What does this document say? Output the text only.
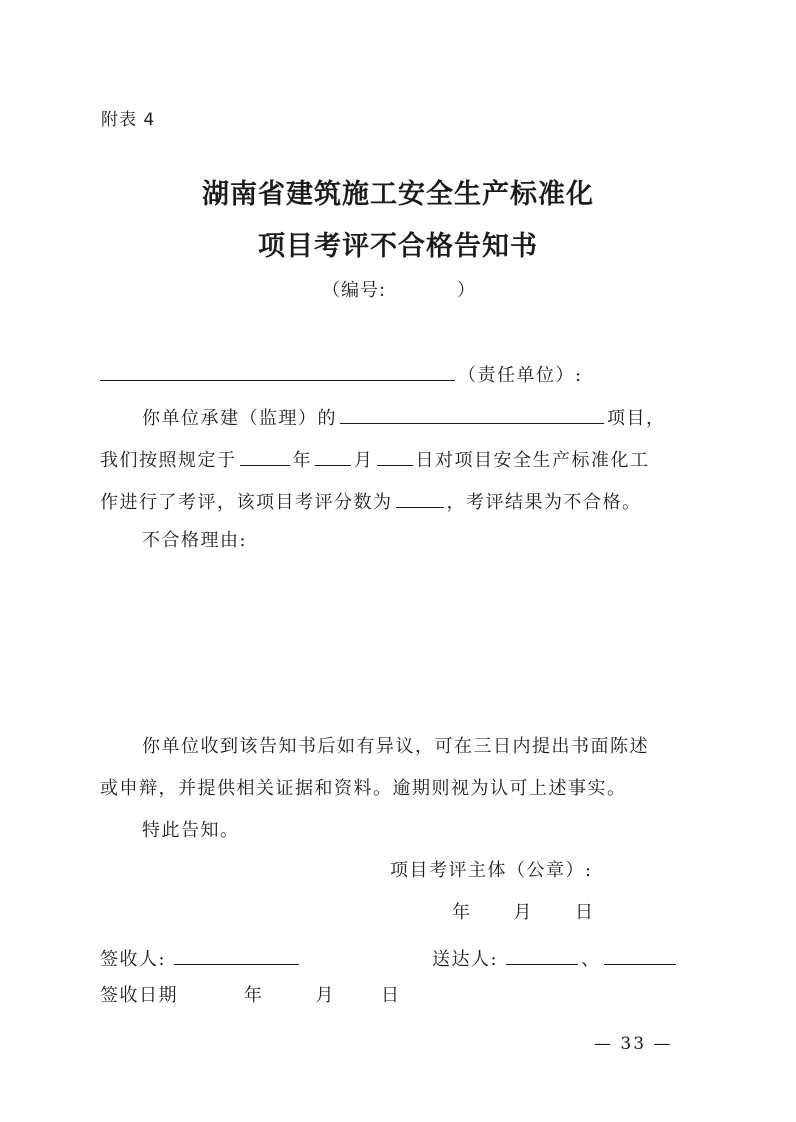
附表 4
湖南省建筑施工安全生产标准化
项目考评不合格告知书
（编号:	）
（责任单位）:
你单位承建（监理）的	项目，
我们按照规定于	年 月 日对项目安全生产标准化工
作进行了考评，该项目考评分数为	，考评结果为不合格。
不合格理由:
你单位收到该告知书后如有异议，可在三日内提出书面陈述
或申辩，并提供相关证据和资料。逾期则视为认可上述事实。
特此告知。
项目考评主体（公章）:
年 月 日
签收人:	送达人:	、
签收日期	年	月	日
— 33 —
